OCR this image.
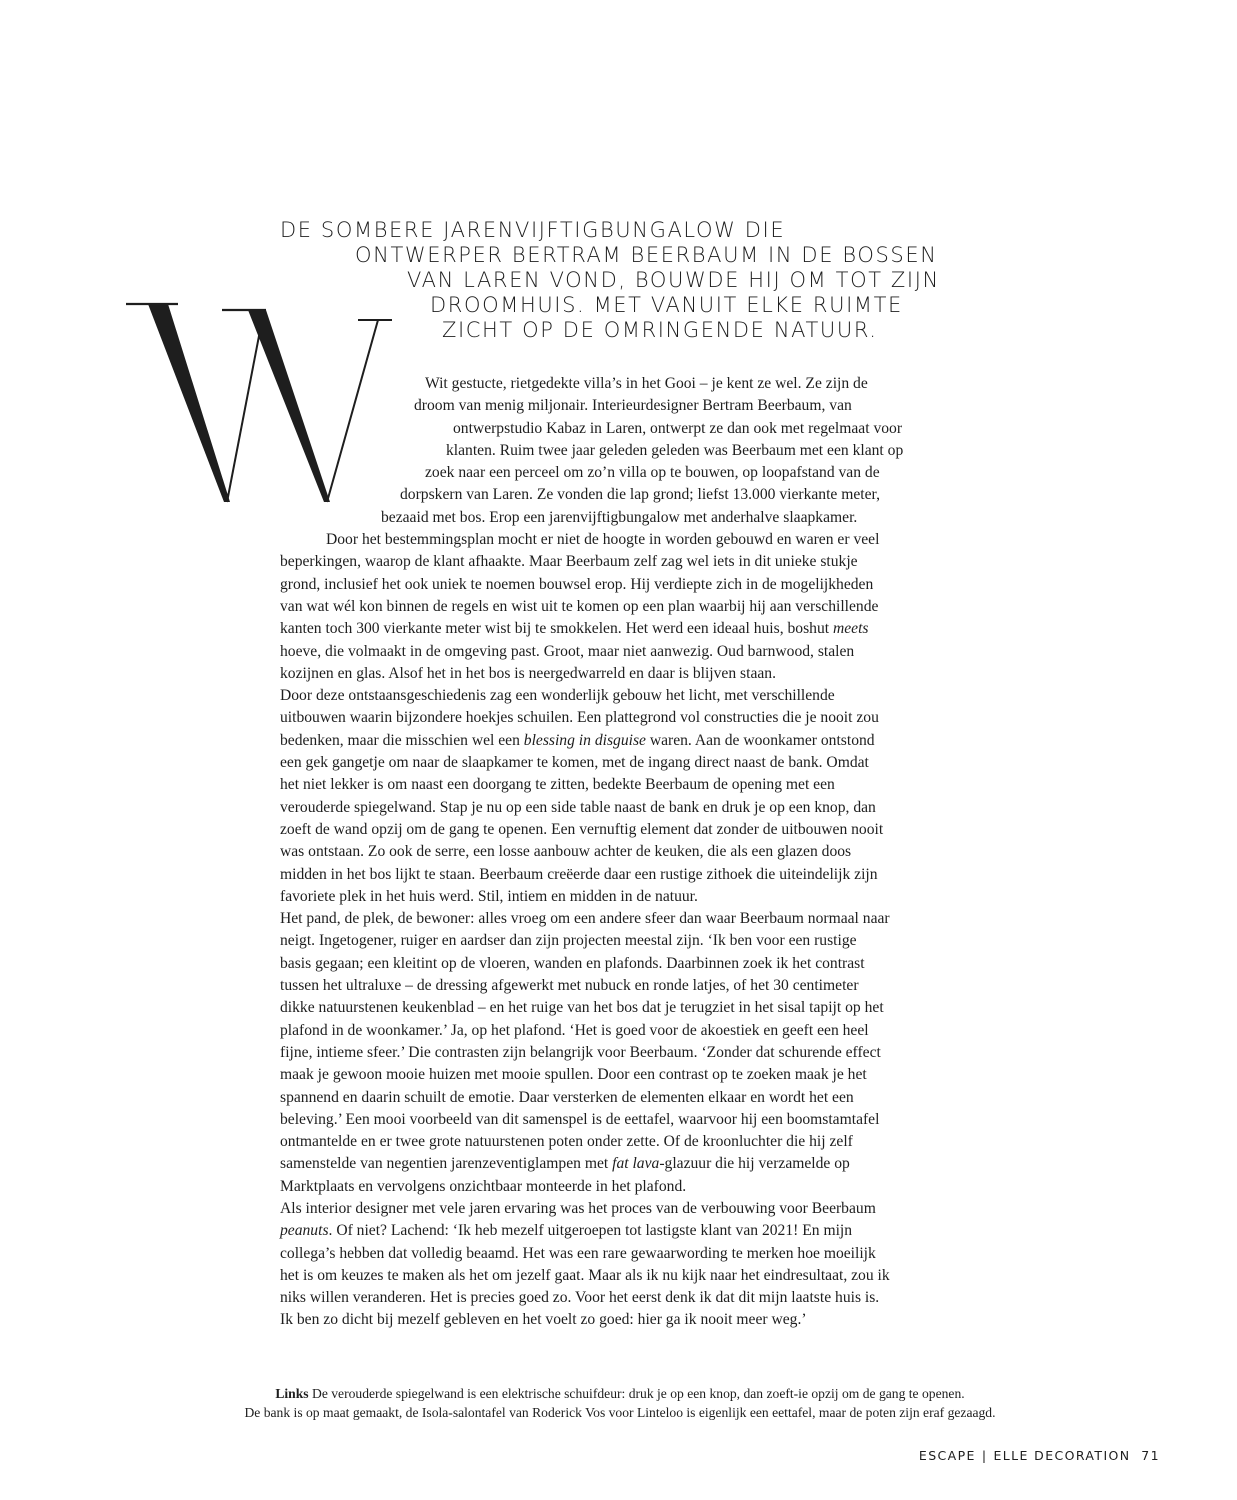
DE SOMBERE JARENVIJFTIGBUNGALOW DIE
ONTWERPER BERTRAM BEERBAUM IN DE BOSSEN
VAN LAREN VOND, BOUWDE HIJ OM TOT ZIJN
DROOMHUIS. MET VANUIT ELKE RUIMTE
ZICHT OP DE OMRINGENDE NATUUR.
Wit gestucte, rietgedekte villa’s in het Gooi – je kent ze wel. Ze zijn de
droom van menig miljonair. Interieurdesigner Bertram Beerbaum, van
ontwerpstudio Kabaz in Laren, ontwerpt ze dan ook met regelmaat voor
klanten. Ruim twee jaar geleden geleden was Beerbaum met een klant op
zoek naar een perceel om zo’n villa op te bouwen, op loopafstand van de
dorpskern van Laren. Ze vonden die lap grond; liefst 13.000 vierkante meter,
bezaaid met bos. Erop een jarenvijftigbungalow met anderhalve slaapkamer.
Door het bestemmingsplan mocht er niet de hoogte in worden gebouwd en waren er veel
beperkingen, waarop de klant afhaakte. Maar Beerbaum zelf zag wel iets in dit unieke stukje
grond, inclusief het ook uniek te noemen bouwsel erop. Hij verdiepte zich in de mogelijkheden
van wat wél kon binnen de regels en wist uit te komen op een plan waarbij hij aan verschillende
kanten toch 300 vierkante meter wist bij te smokkelen. Het werd een ideaal huis, boshut meets
hoeve, die volmaakt in de omgeving past. Groot, maar niet aanwezig. Oud barnwood, stalen
kozijnen en glas. Alsof het in het bos is neergedwarreld en daar is blijven staan.
Door deze ontstaansgeschiedenis zag een wonderlijk gebouw het licht, met verschillende
uitbouwen waarin bijzondere hoekjes schuilen. Een plattegrond vol constructies die je nooit zou
bedenken, maar die misschien wel een blessing in disguise waren. Aan de woonkamer ontstond
een gek gangetje om naar de slaapkamer te komen, met de ingang direct naast de bank. Omdat
het niet lekker is om naast een doorgang te zitten, bedekte Beerbaum de opening met een
verouderde spiegelwand. Stap je nu op een side table naast de bank en druk je op een knop, dan
zoeft de wand opzij om de gang te openen. Een vernuftig element dat zonder de uitbouwen nooit
was ontstaan. Zo ook de serre, een losse aanbouw achter de keuken, die als een glazen doos
midden in het bos lijkt te staan. Beerbaum creëerde daar een rustige zithoek die uiteindelijk zijn
favoriete plek in het huis werd. Stil, intiem en midden in de natuur.
Het pand, de plek, de bewoner: alles vroeg om een andere sfeer dan waar Beerbaum normaal naar
neigt. Ingetogener, ruiger en aardser dan zijn projecten meestal zijn. ‘Ik ben voor een rustige
basis gegaan; een kleitint op de vloeren, wanden en plafonds. Daarbinnen zoek ik het contrast
tussen het ultraluxe – de dressing afgewerkt met nubuck en ronde latjes, of het 30 centimeter
dikke natuurstenen keukenblad – en het ruige van het bos dat je terugziet in het sisal tapijt op het
plafond in de woonkamer.’ Ja, op het plafond. ‘Het is goed voor de akoestiek en geeft een heel
fijne, intieme sfeer.’ Die contrasten zijn belangrijk voor Beerbaum. ‘Zonder dat schurende effect
maak je gewoon mooie huizen met mooie spullen. Door een contrast op te zoeken maak je het
spannend en daarin schuilt de emotie. Daar versterken de elementen elkaar en wordt het een
beleving.’ Een mooi voorbeeld van dit samenspel is de eettafel, waarvoor hij een boomstamtafel
ontmantelde en er twee grote natuurstenen poten onder zette. Of de kroonluchter die hij zelf
samenstelde van negentien jarenzeventiglampen met fat lava-glazuur die hij verzamelde op
Marktplaats en vervolgens onzichtbaar monteerde in het plafond.
Als interior designer met vele jaren ervaring was het proces van de verbouwing voor Beerbaum
peanuts. Of niet? Lachend: ‘Ik heb mezelf uitgeroepen tot lastigste klant van 2021! En mijn
collega’s hebben dat volledig beaamd. Het was een rare gewaarwording te merken hoe moeilijk
het is om keuzes te maken als het om jezelf gaat. Maar als ik nu kijk naar het eindresultaat, zou ik
niks willen veranderen. Het is precies goed zo. Voor het eerst denk ik dat dit mijn laatste huis is.
Ik ben zo dicht bij mezelf gebleven en het voelt zo goed: hier ga ik nooit meer weg.’
Links De verouderde spiegelwand is een elektrische schuifdeur: druk je op een knop, dan zoeft-ie opzij om de gang te openen.
De bank is op maat gemaakt, de Isola-salontafel van Roderick Vos voor Linteloo is eigenlijk een eettafel, maar de poten zijn eraf gezaagd.
ESCAPE | ELLE DECORATION 71
